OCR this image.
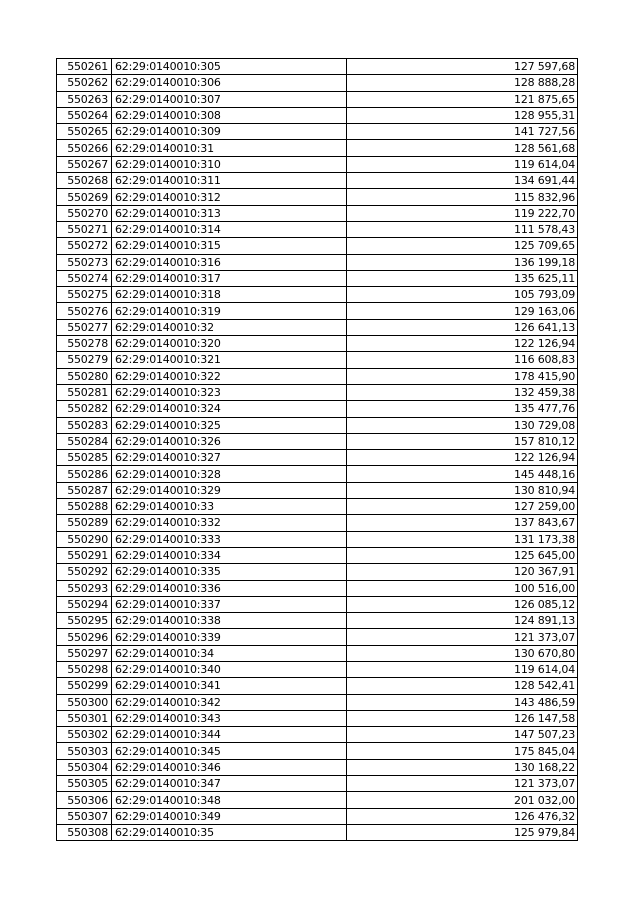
550261	62:29:0140010:305	127 597,68
550262	62:29:0140010:306	128 888,28
550263	62:29:0140010:307	121 875,65
550264	62:29:0140010:308	128 955,31
550265	62:29:0140010:309	141 727,56
550266	62:29:0140010:31	128 561,68
550267	62:29:0140010:310	119 614,04
550268	62:29:0140010:311	134 691,44
550269	62:29:0140010:312	115 832,96
550270	62:29:0140010:313	119 222,70
550271	62:29:0140010:314	111 578,43
550272	62:29:0140010:315	125 709,65
550273	62:29:0140010:316	136 199,18
550274	62:29:0140010:317	135 625,11
550275	62:29:0140010:318	105 793,09
550276	62:29:0140010:319	129 163,06
550277	62:29:0140010:32	126 641,13
550278	62:29:0140010:320	122 126,94
550279	62:29:0140010:321	116 608,83
550280	62:29:0140010:322	178 415,90
550281	62:29:0140010:323	132 459,38
550282	62:29:0140010:324	135 477,76
550283	62:29:0140010:325	130 729,08
550284	62:29:0140010:326	157 810,12
550285	62:29:0140010:327	122 126,94
550286	62:29:0140010:328	145 448,16
550287	62:29:0140010:329	130 810,94
550288	62:29:0140010:33	127 259,00
550289	62:29:0140010:332	137 843,67
550290	62:29:0140010:333	131 173,38
550291	62:29:0140010:334	125 645,00
550292	62:29:0140010:335	120 367,91
550293	62:29:0140010:336	100 516,00
550294	62:29:0140010:337	126 085,12
550295	62:29:0140010:338	124 891,13
550296	62:29:0140010:339	121 373,07
550297	62:29:0140010:34	130 670,80
550298	62:29:0140010:340	119 614,04
550299	62:29:0140010:341	128 542,41
550300	62:29:0140010:342	143 486,59
550301	62:29:0140010:343	126 147,58
550302	62:29:0140010:344	147 507,23
550303	62:29:0140010:345	175 845,04
550304	62:29:0140010:346	130 168,22
550305	62:29:0140010:347	121 373,07
550306	62:29:0140010:348	201 032,00
550307	62:29:0140010:349	126 476,32
550308	62:29:0140010:35	125 979,84
